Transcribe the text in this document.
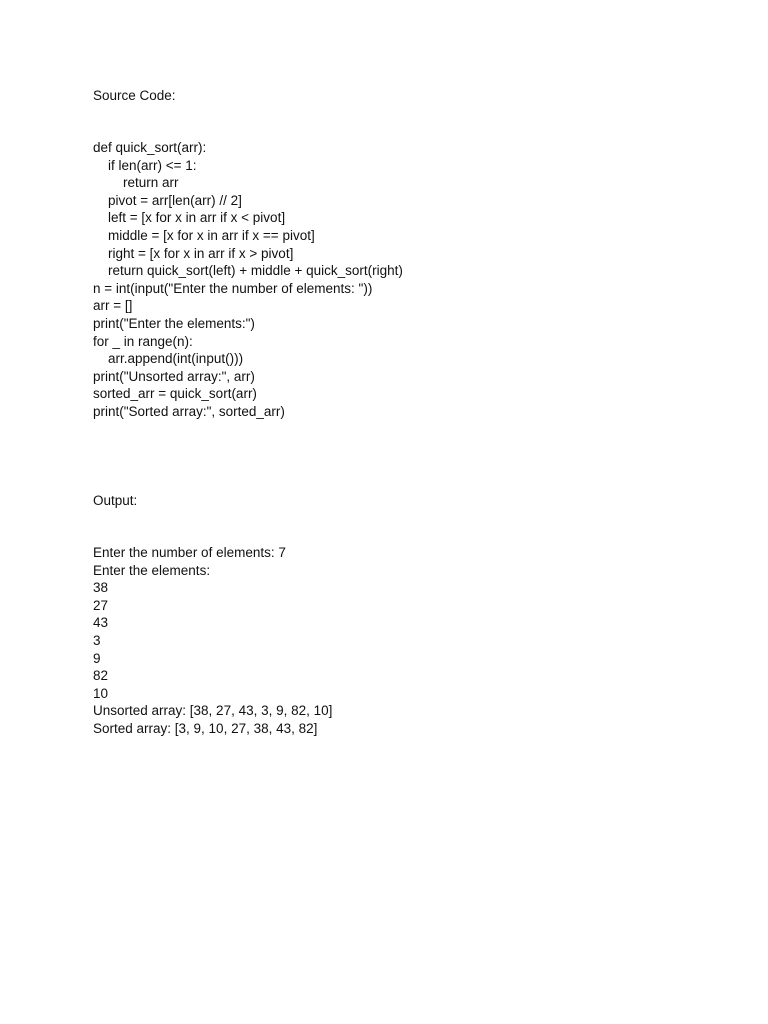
Source Code:
def quick_sort(arr):
if len(arr) <= 1:
return arr
pivot = arr[len(arr) // 2]
left = [x for x in arr if x < pivot]
middle = [x for x in arr if x == pivot]
right = [x for x in arr if x > pivot]
return quick_sort(left) + middle + quick_sort(right)
n = int(input("Enter the number of elements: "))
arr = []
print("Enter the elements:")
for _ in range(n):
arr.append(int(input()))
print("Unsorted array:", arr)
sorted_arr = quick_sort(arr)
print("Sorted array:", sorted_arr)
Output:
Enter the number of elements: 7
Enter the elements:
38
27
43
3
9
82
10
Unsorted array: [38, 27, 43, 3, 9, 82, 10]
Sorted array: [3, 9, 10, 27, 38, 43, 82]
